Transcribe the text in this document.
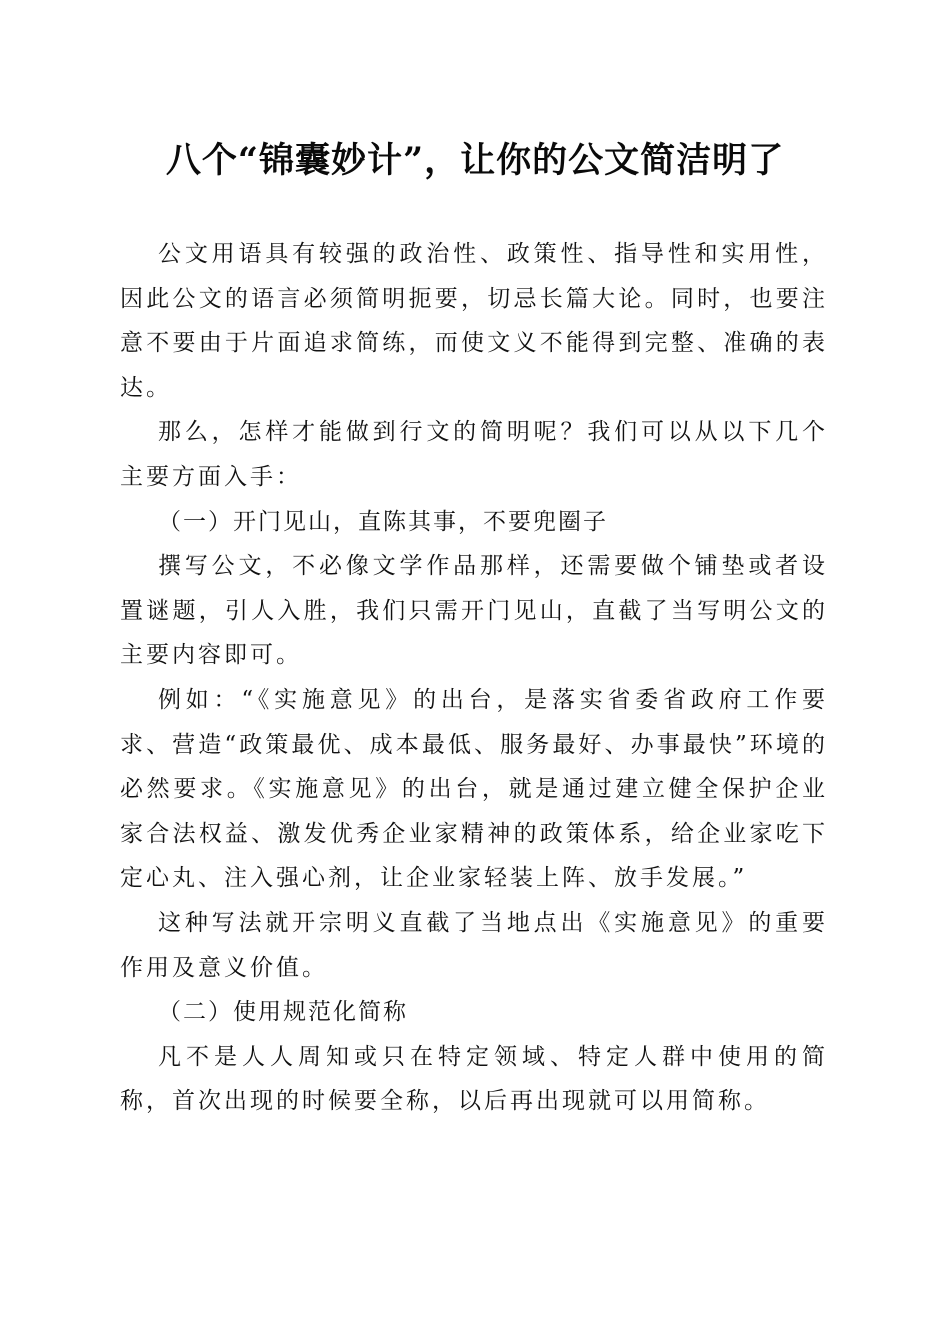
八个“锦囊妙计”，让你的公文简洁明了

公文用语具有较强的政治性、政策性、指导性和实用性，因此公文的语言必须简明扼要，切忌长篇大论。同时，也要注意不要由于片面追求简练，而使文义不能得到完整、准确的表达。

那么，怎样才能做到行文的简明呢？我们可以从以下几个主要方面入手：

（一）开门见山，直陈其事，不要兜圈子

撰写公文，不必像文学作品那样，还需要做个铺垫或者设置谜题，引人入胜，我们只需开门见山，直截了当写明公文的主要内容即可。

例如：“《实施意见》的出台，是落实省委省政府工作要求、营造“政策最优、成本最低、服务最好、办事最快”环境的必然要求。《实施意见》的出台，就是通过建立健全保护企业家合法权益、激发优秀企业家精神的政策体系，给企业家吃下定心丸、注入强心剂，让企业家轻装上阵、放手发展。”

这种写法就开宗明义直截了当地点出《实施意见》的重要作用及意义价值。

（二）使用规范化简称

凡不是人人周知或只在特定领域、特定人群中使用的简称，首次出现的时候要全称，以后再出现就可以用简称。
